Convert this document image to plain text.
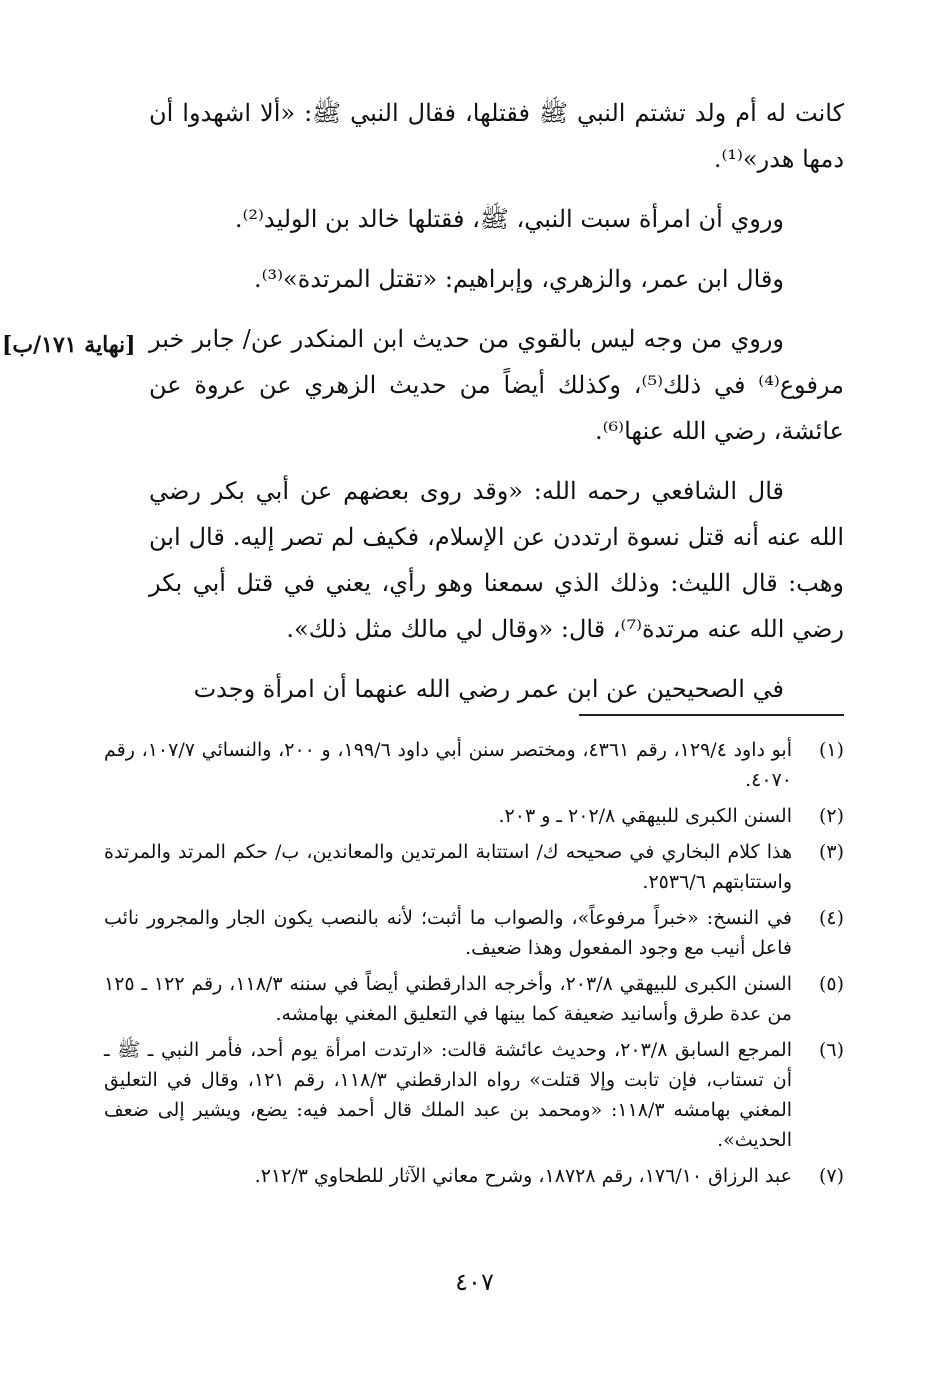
كانت له أم ولد تشتم النبي ﷺ فقتلها، فقال النبي ﷺ: «ألا اشهدوا أن دمها هدر»⁽¹⁾.

وروي أن امرأة سبت النبي، ﷺ، فقتلها خالد بن الوليد⁽²⁾.

وقال ابن عمر، والزهري، وإبراهيم: «تقتل المرتدة»⁽³⁾.

وروي من وجه ليس بالقوي من حديث ابن المنكدر عن/ جابر خبر مرفوع⁽⁴⁾ في ذلك⁽⁵⁾، وكذلك أيضاً من حديث الزهري عن عروة عن عائشة، رضي الله عنها⁽⁶⁾.

قال الشافعي رحمه الله: «وقد روى بعضهم عن أبي بكر رضي الله عنه أنه قتل نسوة ارتددن عن الإسلام، فكيف لم تصر إليه. قال ابن وهب: قال الليث: وذلك الذي سمعنا وهو رأي، يعني في قتل أبي بكر رضي الله عنه مرتدة⁽⁷⁾، قال: «وقال لي مالك مثل ذلك».

في الصحيحين عن ابن عمر رضي الله عنهما أن امرأة وجدت

[نهاية ١٧١/ب]
(١)
أبو داود ١٢٩/٤، رقم ٤٣٦١، ومختصر سنن أبي داود ١٩٩/٦، و ٢٠٠، والنسائي ١٠٧/٧، رقم ٤٠٧٠.
(٢)
السنن الكبرى للبيهقي ٢٠٢/٨ ـ و ٢٠٣.
(٣)
هذا كلام البخاري في صحيحه ك/ استتابة المرتدين والمعاندين، ب/ حكم المرتد والمرتدة واستتابتهم ٢٥٣٦/٦.
(٤)
في النسخ: «خبراً مرفوعاً»، والصواب ما أثبت؛ لأنه بالنصب يكون الجار والمجرور نائب فاعل أنيب مع وجود المفعول وهذا ضعيف.
(٥)
السنن الكبرى للبيهقي ٢٠٣/٨، وأخرجه الدارقطني أيضاً في سننه ١١٨/٣، رقم ١٢٢ ـ ١٢٥ من عدة طرق وأسانيد ضعيفة كما بينها في التعليق المغني بهامشه.
(٦)
المرجع السابق ٢٠٣/٨، وحديث عائشة قالت: «ارتدت امرأة يوم أحد، فأمر النبي ـ ﷺ ـ أن تستاب، فإن تابت وإلا قتلت» رواه الدارقطني ١١٨/٣، رقم ١٢١، وقال في التعليق المغني بهامشه ١١٨/٣: «ومحمد بن عبد الملك قال أحمد فيه: يضع، ويشير إلى ضعف الحديث».
(٧)
عبد الرزاق ١٧٦/١٠، رقم ١٨٧٢٨، وشرح معاني الآثار للطحاوي ٢١٢/٣.
٤٠٧
